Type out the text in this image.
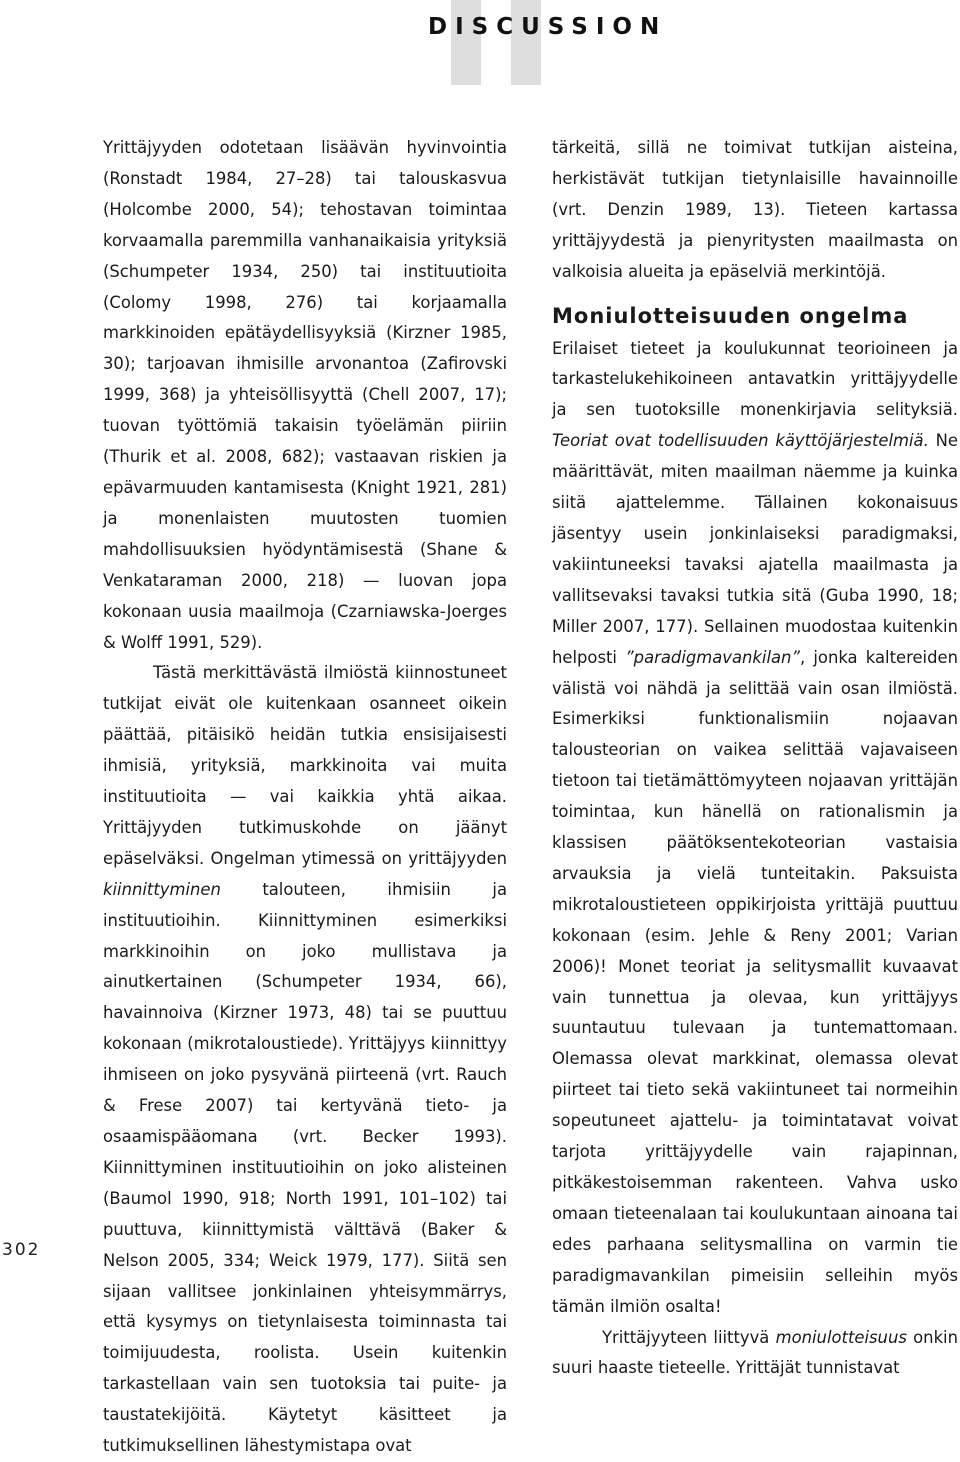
DISCUSSION

Yrittäjyyden odotetaan lisäävän hyvinvointia (Ronstadt 1984, 27–28) tai talouskasvua (Holcombe 2000, 54); tehostavan toimintaa korvaamalla paremmilla vanhanaikaisia yrityksiä (Schumpeter 1934, 250) tai instituutioita (Colomy 1998, 276) tai korjaamalla markkinoiden epätäydellisyyksiä (Kirzner 1985, 30); tarjoavan ihmisille arvonantoa (Zafirovski 1999, 368) ja yhteisöllisyyttä (Chell 2007, 17); tuovan työttömiä takaisin työelämän piiriin (Thurik et al. 2008, 682); vastaavan riskien ja epävarmuuden kantamisesta (Knight 1921, 281) ja monenlaisten muutosten tuomien mahdollisuuksien hyödyntämisestä (Shane & Venkataraman 2000, 218) — luovan jopa kokonaan uusia maailmoja (Czarniawska-Joerges & Wolff 1991, 529).

Tästä merkittävästä ilmiöstä kiinnostuneet tutkijat eivät ole kuitenkaan osanneet oikein päättää, pitäisikö heidän tutkia ensisijaisesti ihmisiä, yrityksiä, markkinoita vai muita instituutioita — vai kaikkia yhtä aikaa. Yrittäjyyden tutkimuskohde on jäänyt epäselväksi. Ongelman ytimessä on yrittäjyyden kiinnittyminen talouteen, ihmisiin ja instituutioihin. Kiinnittyminen esimerkiksi markkinoihin on joko mullistava ja ainutkertainen (Schumpeter 1934, 66), havainnoiva (Kirzner 1973, 48) tai se puuttuu kokonaan (mikrotaloustiede). Yrittäjyys kiinnittyy ihmiseen on joko pysyvänä piirteenä (vrt. Rauch & Frese 2007) tai kertyvänä tieto- ja osaamispääomana (vrt. Becker 1993). Kiinnittyminen instituutioihin on joko alisteinen (Baumol 1990, 918; North 1991, 101–102) tai puuttuva, kiinnittymistä välttävä (Baker & Nelson 2005, 334; Weick 1979, 177). Siitä sen sijaan vallitsee jonkinlainen yhteisymmärrys, että kysymys on tietynlaisesta toiminnasta tai toimijuudesta, roolista. Usein kuitenkin tarkastellaan vain sen tuotoksia tai puite- ja taustatekijöitä. Käytetyt käsitteet ja tutkimuksellinen lähestymistapa ovat

tärkeitä, sillä ne toimivat tutkijan aisteina, herkistävät tutkijan tietynlaisille havainnoille (vrt. Denzin 1989, 13). Tieteen kartassa yrittäjyydestä ja pienyritysten maailmasta on valkoisia alueita ja epäselviä merkintöjä.

Moniulotteisuuden ongelma

Erilaiset tieteet ja koulukunnat teorioineen ja tarkastelukehikoineen antavatkin yrittäjyydelle ja sen tuotoksille monenkirjavia selityksiä. Teoriat ovat todellisuuden käyttöjärjestelmiä. Ne määrittävät, miten maailman näemme ja kuinka siitä ajattelemme. Tällainen kokonaisuus jäsentyy usein jonkinlaiseksi paradigmaksi, vakiintuneeksi tavaksi ajatella maailmasta ja vallitsevaksi tavaksi tutkia sitä (Guba 1990, 18; Miller 2007, 177). Sellainen muodostaa kuitenkin helposti ”paradigmavankilan”, jonka kaltereiden välistä voi nähdä ja selittää vain osan ilmiöstä. Esimerkiksi funktionalismiin nojaavan talousteorian on vaikea selittää vajavaiseen tietoon tai tietämättömyyteen nojaavan yrittäjän toimintaa, kun hänellä on rationalismin ja klassisen päätöksentekoteorian vastaisia arvauksia ja vielä tunteitakin. Paksuista mikrotaloustieteen oppikirjoista yrittäjä puuttuu kokonaan (esim. Jehle & Reny 2001; Varian 2006)! Monet teoriat ja selitysmallit kuvaavat vain tunnettua ja olevaa, kun yrittäjyys suuntautuu tulevaan ja tuntemattomaan. Olemassa olevat markkinat, olemassa olevat piirteet tai tieto sekä vakiintuneet tai normeihin sopeutuneet ajattelu- ja toimintatavat voivat tarjota yrittäjyydelle vain rajapinnan, pitkäkestoisemman rakenteen. Vahva usko omaan tieteenalaan tai koulukuntaan ainoana tai edes parhaana selitysmallina on varmin tie paradigmavankilan pimeisiin selleihin myös tämän ilmiön osalta!

Yrittäjyyteen liittyvä moniulotteisuus onkin suuri haaste tieteelle. Yrittäjät tunnistavat

302
